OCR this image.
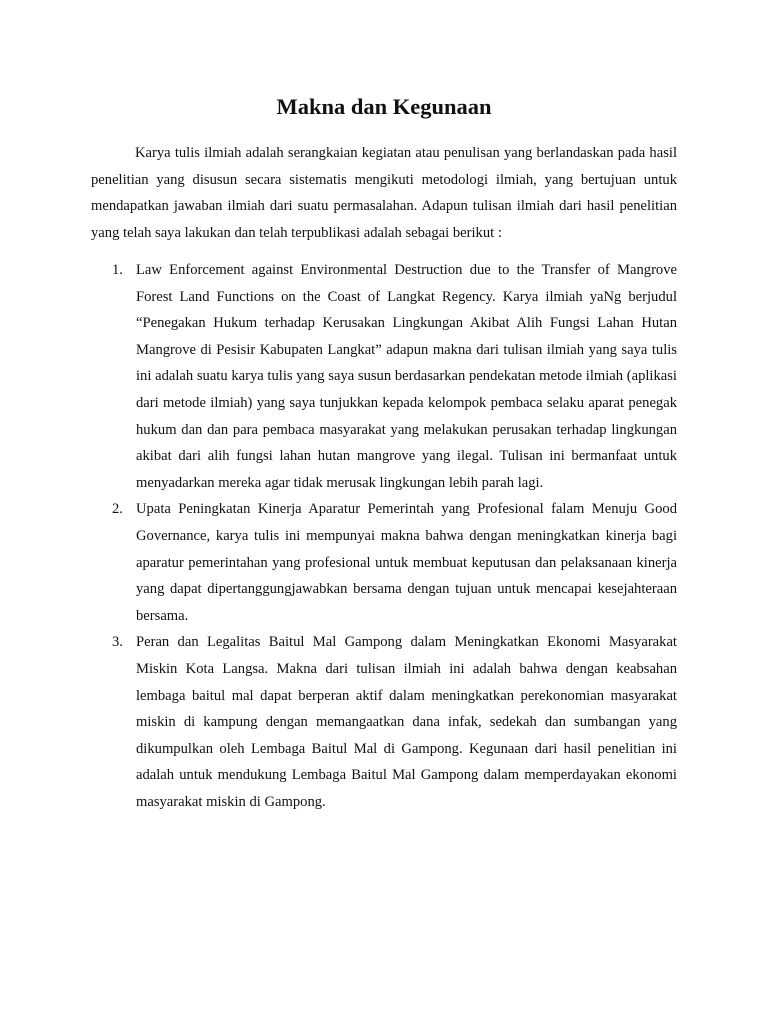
Makna dan Kegunaan

Karya tulis ilmiah adalah serangkaian kegiatan atau penulisan yang berlandaskan pada hasil penelitian yang disusun secara sistematis mengikuti metodologi ilmiah, yang bertujuan untuk mendapatkan jawaban ilmiah dari suatu permasalahan. Adapun tulisan ilmiah dari hasil penelitian yang telah saya lakukan dan telah terpublikasi adalah sebagai berikut :

1. Law Enforcement against Environmental Destruction due to the Transfer of Mangrove Forest Land Functions on the Coast of Langkat Regency. Karya ilmiah yaNg berjudul “Penegakan Hukum terhadap Kerusakan Lingkungan Akibat Alih Fungsi Lahan Hutan Mangrove di Pesisir Kabupaten Langkat” adapun makna dari tulisan ilmiah yang saya tulis ini adalah suatu karya tulis yang saya susun berdasarkan pendekatan metode ilmiah (aplikasi dari metode ilmiah) yang saya tunjukkan kepada kelompok pembaca selaku aparat penegak hukum dan dan para pembaca masyarakat yang melakukan perusakan terhadap lingkungan akibat dari alih fungsi lahan hutan mangrove yang ilegal. Tulisan ini bermanfaat untuk menyadarkan mereka agar tidak merusak lingkungan lebih parah lagi.
2. Upata Peningkatan Kinerja Aparatur Pemerintah yang Profesional falam Menuju Good Governance, karya tulis ini mempunyai makna bahwa dengan meningkatkan kinerja bagi aparatur pemerintahan yang profesional untuk membuat keputusan dan pelaksanaan kinerja yang dapat dipertanggungjawabkan bersama dengan tujuan untuk mencapai kesejahteraan bersama.
3. Peran dan Legalitas Baitul Mal Gampong dalam Meningkatkan Ekonomi Masyarakat Miskin Kota Langsa. Makna dari tulisan ilmiah ini adalah bahwa dengan keabsahan lembaga baitul mal dapat berperan aktif dalam meningkatkan perekonomian masyarakat miskin di kampung dengan memangaatkan dana infak, sedekah dan sumbangan yang dikumpulkan oleh Lembaga Baitul Mal di Gampong. Kegunaan dari hasil penelitian ini adalah untuk mendukung Lembaga Baitul Mal Gampong dalam memperdayakan ekonomi masyarakat miskin di Gampong.
